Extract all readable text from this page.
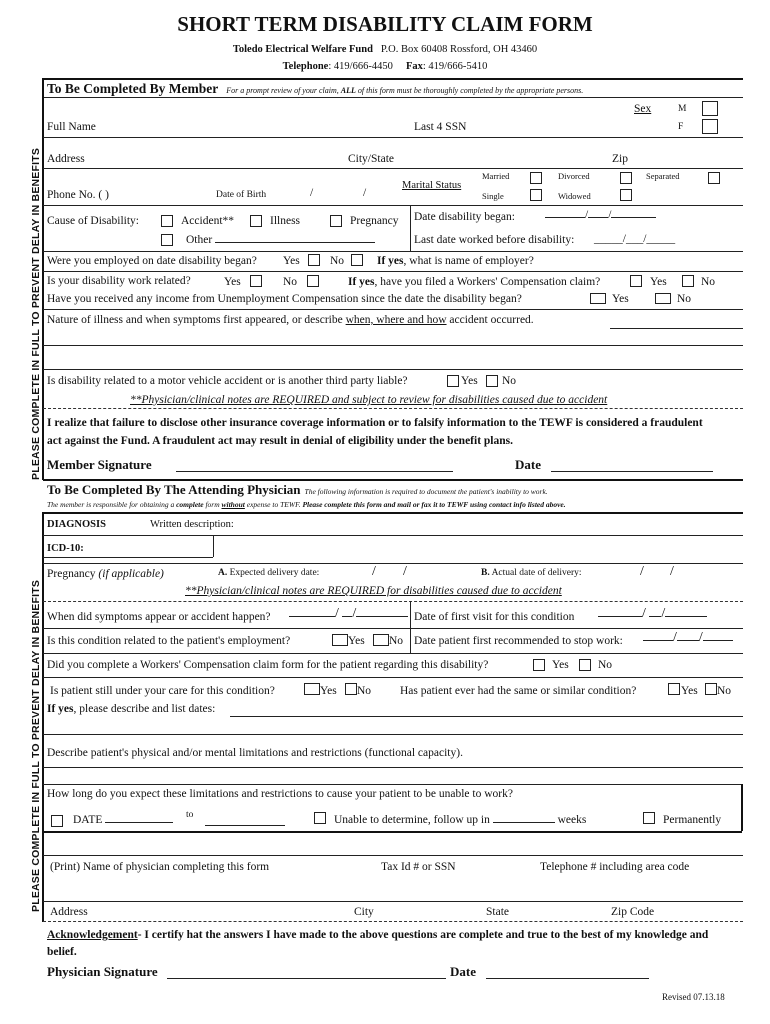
SHORT TERM DISABILITY CLAIM FORM
Toledo Electrical Welfare Fund P.O. Box 60408 Rossford, OH 43460
Telephone: 419/666-4450 Fax: 419/666-5410
PLEASE COMPLETE IN FULL TO PREVENT DELAY IN BENEFITS
PLEASE COMPLETE IN FULL TO PREVENT DELAY IN BENEFITS
To Be Completed By Member For a prompt review of your claim, ALL of this form must be thoroughly completed by the appropriate persons.
Sex	M
Full Name	Last 4 SSN	F
Address	City/State	Zip
Phone No. ( )	Date of Birth	/	/
Marital Status
Married	Divorced	Separated
Single	Widowed
Cause of Disability:	Accident**	Illness	Pregnancy Date disability began:	/ /
Other	Last date worked before disability: _____/___/_____
Were you employed on date disability began? Yes	No	If yes, what is name of employer?
Is your disability work related?	Yes	No	If yes, have you filed a Workers' Compensation claim?	Yes	No
Have you received any income from Unemployment Compensation since the date the disability began?	Yes	No
Nature of illness and when symptoms first appeared, or describe when, where and how accident occurred.
Is disability related to a motor vehicle accident or is another third party liable?	Yes No
**Physician/clinical notes are REQUIRED and subject to review for disabilities caused due to accident
I realize that failure to disclose other insurance coverage information or to falsify information to the TEWF is considered a fraudulent act against the Fund. A fraudulent act may result in denial of eligibility under the benefit plans.
Member Signature	Date
To Be Completed By The Attending Physician The following information is required to document the patient's inability to work.
The member is responsible for obtaining a complete form without expense to TEWF. Please complete this form and mail or fax it to TEWF using contact info listed above.
DIAGNOSIS	Written description:
ICD-10:
Pregnancy (if applicable)	A. Expected delivery date:	/ /	B. Actual date of delivery:	/ /
**Physician/clinical notes are REQUIRED for disabilities caused due to accident
When did symptoms appear or accident happen?	/ /	Date of first visit for this condition	/ /
Is this condition related to the patient's employment?	Yes No Date patient first recommended to stop work:	/ /
Did you complete a Workers' Compensation claim form for the patient regarding this disability?	Yes	No
Is patient still under your care for this condition?	Yes No	Has patient ever had the same or similar condition?	Yes No
If yes, please describe and list dates:
Describe patient's physical and/or mental limitations and restrictions (functional capacity).
How long do you expect these limitations and restrictions to cause your patient to be unable to work?
DATE	to	Unable to determine, follow up in	weeks	Permanently
(Print) Name of physician completing this form	Tax Id # or SSN	Telephone # including area code
Address	City	State	Zip Code
Acknowledgement- I certify hat the answers I have made to the above questions are complete and true to the best of my knowledge and belief.
Physician Signature	Date
Revised 07.13.18
